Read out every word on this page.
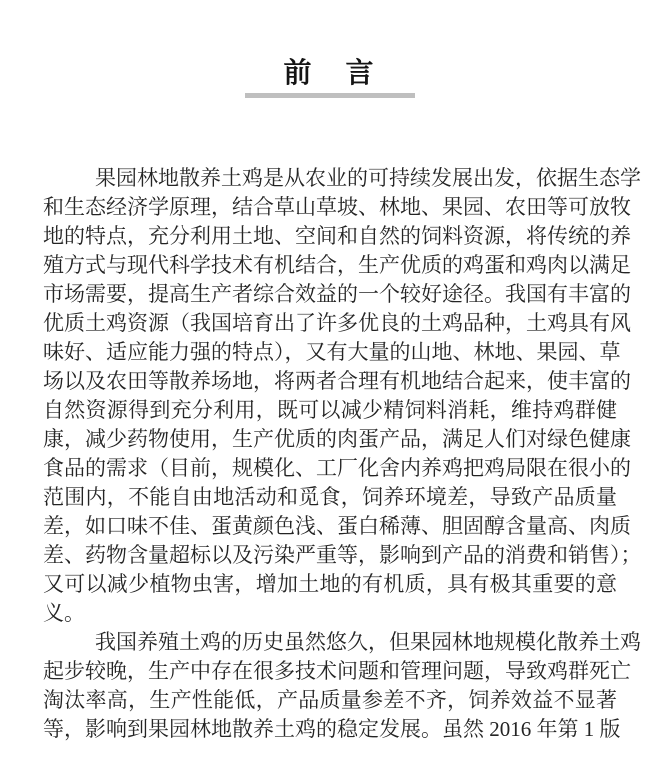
前　言
果园林地散养土鸡是从农业的可持续发展出发，依据生态学
和生态经济学原理，结合草山草坡、林地、果园、农田等可放牧
地的特点，充分利用土地、空间和自然的饲料资源，将传统的养
殖方式与现代科学技术有机结合，生产优质的鸡蛋和鸡肉以满足
市场需要，提高生产者综合效益的一个较好途径。我国有丰富的
优质土鸡资源（我国培育出了许多优良的土鸡品种，土鸡具有风
味好、适应能力强的特点），又有大量的山地、林地、果园、草
场以及农田等散养场地，将两者合理有机地结合起来，使丰富的
自然资源得到充分利用，既可以减少精饲料消耗，维持鸡群健
康，减少药物使用，生产优质的肉蛋产品，满足人们对绿色健康
食品的需求（目前，规模化、工厂化舍内养鸡把鸡局限在很小的
范围内，不能自由地活动和觅食，饲养环境差，导致产品质量
差，如口味不佳、蛋黄颜色浅、蛋白稀薄、胆固醇含量高、肉质
差、药物含量超标以及污染严重等，影响到产品的消费和销售）；
又可以减少植物虫害，增加土地的有机质，具有极其重要的意
义。
我国养殖土鸡的历史虽然悠久，但果园林地规模化散养土鸡
起步较晚，生产中存在很多技术问题和管理问题，导致鸡群死亡
淘汰率高，生产性能低，产品质量参差不齐，饲养效益不显著
等，影响到果园林地散养土鸡的稳定发展。虽然 2016 年第 1 版
